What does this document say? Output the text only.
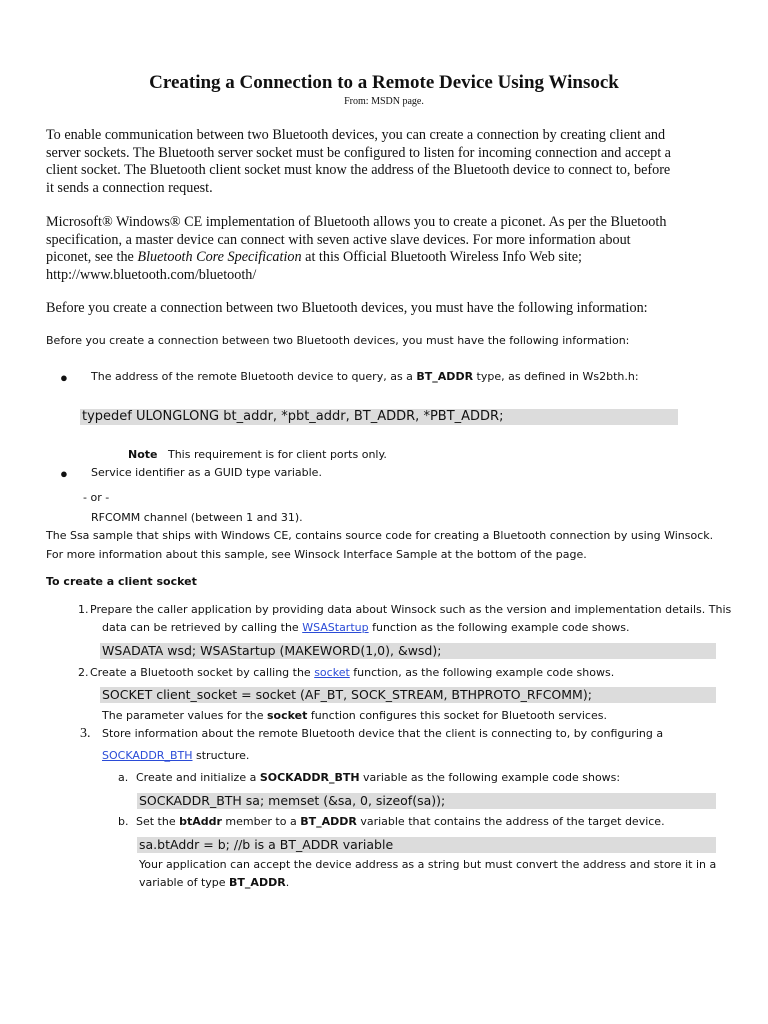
Creating a Connection to a Remote Device Using Winsock
From: MSDN page.
To enable communication between two Bluetooth devices, you can create a connection by creating client and
server sockets. The Bluetooth server socket must be configured to listen for incoming connection and accept a
client socket. The Bluetooth client socket must know the address of the Bluetooth device to connect to, before
it sends a connection request.
Microsoft® Windows® CE implementation of Bluetooth allows you to create a piconet. As per the Bluetooth
specification, a master device can connect with seven active slave devices. For more information about
piconet, see the Bluetooth Core Specification at this Official Bluetooth Wireless Info Web site;
http://www.bluetooth.com/bluetooth/
Before you create a connection between two Bluetooth devices, you must have the following information:
Before you create a connection between two Bluetooth devices, you must have the following information:
● The address of the remote Bluetooth device to query, as a BT_ADDR type, as defined in Ws2bth.h:
typedef ULONGLONG bt_addr, *pbt_addr, BT_ADDR, *PBT_ADDR;
Note This requirement is for client ports only.
● Service identifier as a GUID type variable.
- or -
RFCOMM channel (between 1 and 31).
The Ssa sample that ships with Windows CE, contains source code for creating a Bluetooth connection by using Winsock.
For more information about this sample, see Winsock Interface Sample at the bottom of the page.
To create a client socket
1. Prepare the caller application by providing data about Winsock such as the version and implementation details. This
data can be retrieved by calling the WSAStartup function as the following example code shows.
WSADATA wsd; WSAStartup (MAKEWORD(1,0), &wsd);
2. Create a Bluetooth socket by calling the socket function, as the following example code shows.
SOCKET client_socket = socket (AF_BT, SOCK_STREAM, BTHPROTO_RFCOMM);
The parameter values for the socket function configures this socket for Bluetooth services.
3. Store information about the remote Bluetooth device that the client is connecting to, by configuring a
SOCKADDR_BTH structure.
a. Create and initialize a SOCKADDR_BTH variable as the following example code shows:
SOCKADDR_BTH sa; memset (&sa, 0, sizeof(sa));
b. Set the btAddr member to a BT_ADDR variable that contains the address of the target device.
sa.btAddr = b; //b is a BT_ADDR variable
Your application can accept the device address as a string but must convert the address and store it in a
variable of type BT_ADDR.
